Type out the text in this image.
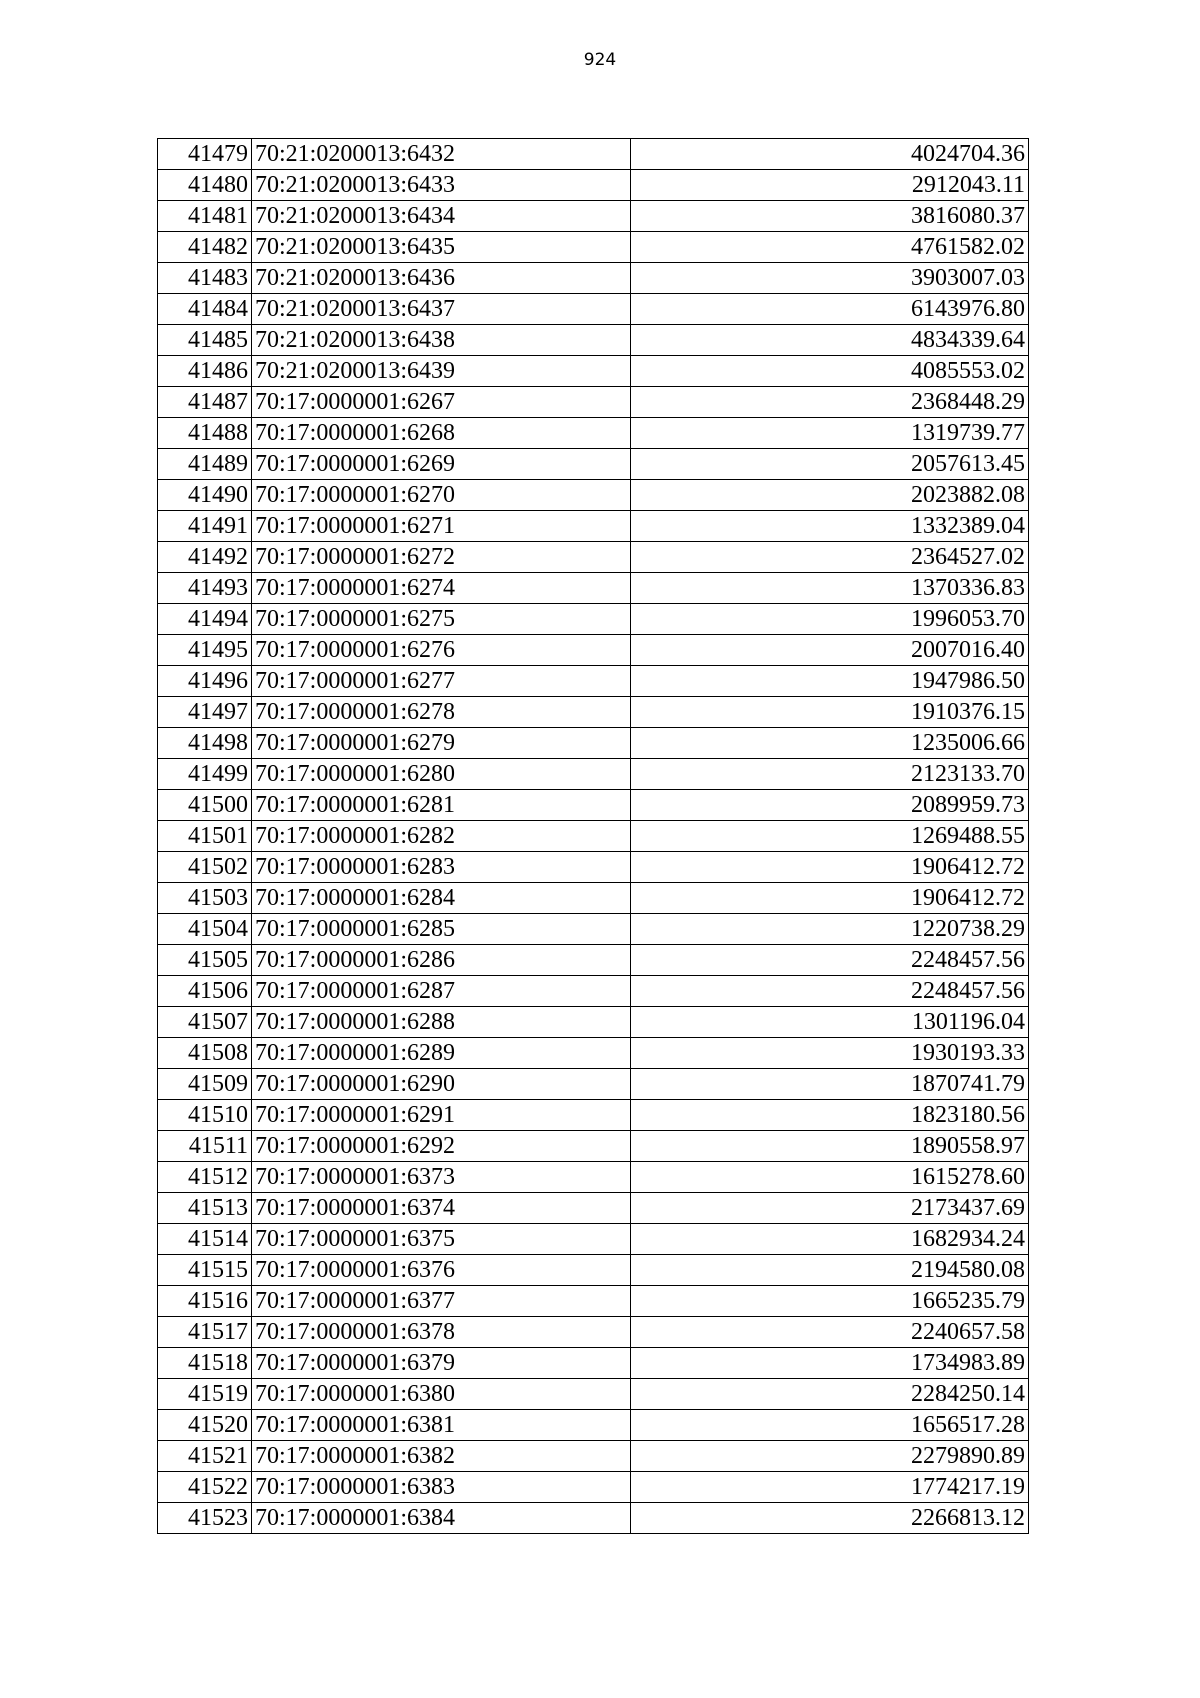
924
41479	70:21:0200013:6432	4024704.36
41480	70:21:0200013:6433	2912043.11
41481	70:21:0200013:6434	3816080.37
41482	70:21:0200013:6435	4761582.02
41483	70:21:0200013:6436	3903007.03
41484	70:21:0200013:6437	6143976.80
41485	70:21:0200013:6438	4834339.64
41486	70:21:0200013:6439	4085553.02
41487	70:17:0000001:6267	2368448.29
41488	70:17:0000001:6268	1319739.77
41489	70:17:0000001:6269	2057613.45
41490	70:17:0000001:6270	2023882.08
41491	70:17:0000001:6271	1332389.04
41492	70:17:0000001:6272	2364527.02
41493	70:17:0000001:6274	1370336.83
41494	70:17:0000001:6275	1996053.70
41495	70:17:0000001:6276	2007016.40
41496	70:17:0000001:6277	1947986.50
41497	70:17:0000001:6278	1910376.15
41498	70:17:0000001:6279	1235006.66
41499	70:17:0000001:6280	2123133.70
41500	70:17:0000001:6281	2089959.73
41501	70:17:0000001:6282	1269488.55
41502	70:17:0000001:6283	1906412.72
41503	70:17:0000001:6284	1906412.72
41504	70:17:0000001:6285	1220738.29
41505	70:17:0000001:6286	2248457.56
41506	70:17:0000001:6287	2248457.56
41507	70:17:0000001:6288	1301196.04
41508	70:17:0000001:6289	1930193.33
41509	70:17:0000001:6290	1870741.79
41510	70:17:0000001:6291	1823180.56
41511	70:17:0000001:6292	1890558.97
41512	70:17:0000001:6373	1615278.60
41513	70:17:0000001:6374	2173437.69
41514	70:17:0000001:6375	1682934.24
41515	70:17:0000001:6376	2194580.08
41516	70:17:0000001:6377	1665235.79
41517	70:17:0000001:6378	2240657.58
41518	70:17:0000001:6379	1734983.89
41519	70:17:0000001:6380	2284250.14
41520	70:17:0000001:6381	1656517.28
41521	70:17:0000001:6382	2279890.89
41522	70:17:0000001:6383	1774217.19
41523	70:17:0000001:6384	2266813.12
